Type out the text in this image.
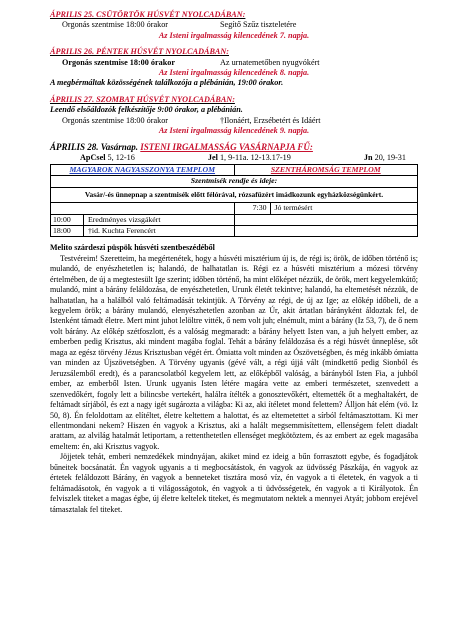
ÁPRILIS 25. CSÜTÖRTÖK HÚSVÉT NYOLCADÁBAN:
Orgonás szentmise 18:00 órakor	Segítő Szűz tiszteletére
Az Isteni irgalmasság kilencedének 7. napja.
ÁPRILIS 26. PÉNTEK HÚSVÉT NYOLCADÁBAN:
Orgonás szentmise 18:00 órakor	Az urnatemetőben nyugvókért
Az Isteni irgalmasság kilencedének 8. napja.
A megbérmáltak közösségének találkozója a plébánián, 19:00 órakor.
ÁPRILIS 27. SZOMBAT HÚSVÉT NYOLCADÁBAN:
Leendő elsőáldozók felkészítője 9:00 órakor, a plébánián.
Orgonás szentmise 18:00 órakor	†Ilonáért, Erzsébetért és Idáért
Az Isteni irgalmasság kilencedének 9. napja.
ÁPRILIS 28. Vasárnap. ISTENI IRGALMASSÁG VASÁRNAPJA FŰ:
ApCsel 5, 12-16	Jel 1, 9-11a. 12-13.17-19	Jn 20, 19-31
MAGYAROK NAGYASSZONYA TEMPLOM	SZENTHÁROMSÁG TEMPLOM
Szentmisék rendje és ideje:
Vasár/-és ünnepnap a szentmisék előtt félórával, rózsafüzért imádkozunk egyházközségünkért.
7:30	Jó termésért
10:00	Eredményes vizsgákért
18:00	†id. Kuchta Ferencért

Melito szárdeszi püspök húsvéti szentbeszédéből

Testvéreim! Szeretteim, ha megértenétek, hogy a húsvéti misztérium új is, de régi is; örök, de időben történő is; mulandó, de enyészhetetlen is; halandó, de halhatatlan is. Régi ez a húsvéti misztérium a mózesi törvény értelmében, de új a megtestesült Ige szerint; időben történő, ha mint előképet nézzük, de örök, mert kegyelemkútő; mulandó, mint a bárány feláldozása, de enyészhetetlen, Urunk életét tekintve; halandó, ha eltemetését nézzük, de halhatatlan, ha a halálból való feltámadását tekintjük. A Törvény az régi, de új az Ige; az előkép időbeli, de a kegyelem örök; a bárány mulandó, elenyészhetetlen azonban az Úr, akit ártatlan bárányként áldoztak fel, de Istenként támadt életre. Mert mint juhot lelöltre vitték, ő nem volt juh; elnémult, mint a bárány (Iz 53, 7), de ő nem volt bárány. Az előkép szétfoszlott, és a valóság megmaradt: a bárány helyett Isten van, a juh helyett ember, az emberben pedig Krisztus, aki mindent magába foglal. Tehát a bárány feláldozása és a régi húsvét ünneplése, sőt maga az egész törvény Jézus Krisztusban végét ért. Ómiatta volt minden az Ószövetségben, és még inkább ómiatta van minden az Újszövetségben. A Törvény ugyanis (gévé vált, a régi újjá vált (mindkettő pedig Sionból és Jeruzsálemből eredt), és a parancsolatból kegyelem lett, az előképből valóság, a bárányból Isten Fia, a juhból ember, az emberből Isten. Urunk ugyanis Isten létére magára vette az emberi természetet, szenvedett a szenvedőkért, fogoly lett a bilincsbe vertekért, halálra ítélték a gonosztevőkért, eltemették őt a meghaltakért, de feltámadt sírjából, és ezt a nagy igét sugározta a világba: Ki az, aki ítéletet mond felettem? Álljon hát elém (vö. Iz 50, 8). Én feloldottam az elítéltet, életre keltettem a halottat, és az eltemetettet a sírból feltámasztottam. Ki mer ellentmondani nekem? Hiszen én vagyok a Krisztus, aki a halált megsemmisítettem, ellenségem felett diadalt arattam, az alvilág hatalmát letiportam, a rettenthetetlen ellenséget megkötöztem, és az embert az egek magasába emeltem: én, aki Krisztus vagyok.

Jöjjetek tehát, emberi nemzedékek mindnyájan, akiket mind ez ideig a bűn forrasztott egybe, és fogadjátok bűneitek bocsánatát. Én vagyok ugyanis a ti megbocsátástok, én vagyok az üdvösség Pászkája, én vagyok az értetek feláldozott Bárány, én vagyok a benneteket tisztára mosó víz, én vagyok a ti életetek, én vagyok a ti feltámadásotok, én vagyok a ti világosságotok, én vagyok a ti üdvösségetek, én vagyok a ti Királyotok. Én felviszlek titeket a magas égbe, új életre keltelek titeket, és megmutatom nektek a mennyei Atyát; jobbom erejével támasztalak fel titeket.
